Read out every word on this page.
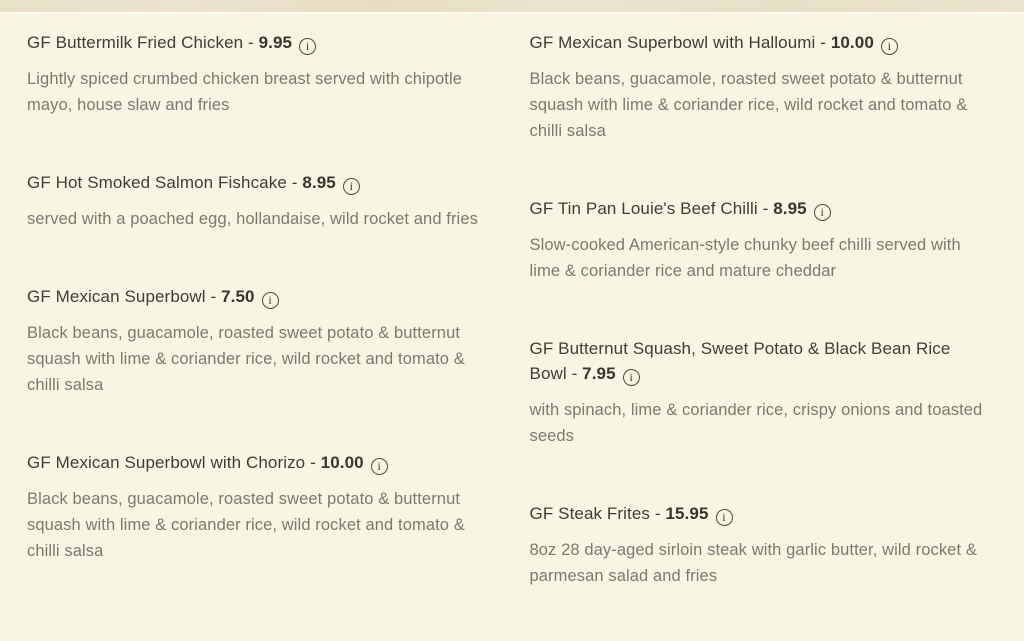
GF Buttermilk Fried Chicken - 9.95 i

Lightly spiced crumbed chicken breast served with chipotle mayo, house slaw and fries

GF Hot Smoked Salmon Fishcake - 8.95 i

served with a poached egg, hollandaise, wild rocket and fries

GF Mexican Superbowl - 7.50 i

Black beans, guacamole, roasted sweet potato & butternut squash with lime & coriander rice, wild rocket and tomato & chilli salsa

GF Mexican Superbowl with Chorizo - 10.00 i

Black beans, guacamole, roasted sweet potato & butternut squash with lime & coriander rice, wild rocket and tomato & chilli salsa

GF Mexican Superbowl with Halloumi - 10.00 i

Black beans, guacamole, roasted sweet potato & butternut squash with lime & coriander rice, wild rocket and tomato & chilli salsa

GF Tin Pan Louie's Beef Chilli - 8.95 i

Slow-cooked American-style chunky beef chilli served with lime & coriander rice and mature cheddar

GF Butternut Squash, Sweet Potato & Black Bean Rice Bowl - 7.95 i

with spinach, lime & coriander rice, crispy onions and toasted seeds

GF Steak Frites - 15.95 i

8oz 28 day-aged sirloin steak with garlic butter, wild rocket & parmesan salad and fries
